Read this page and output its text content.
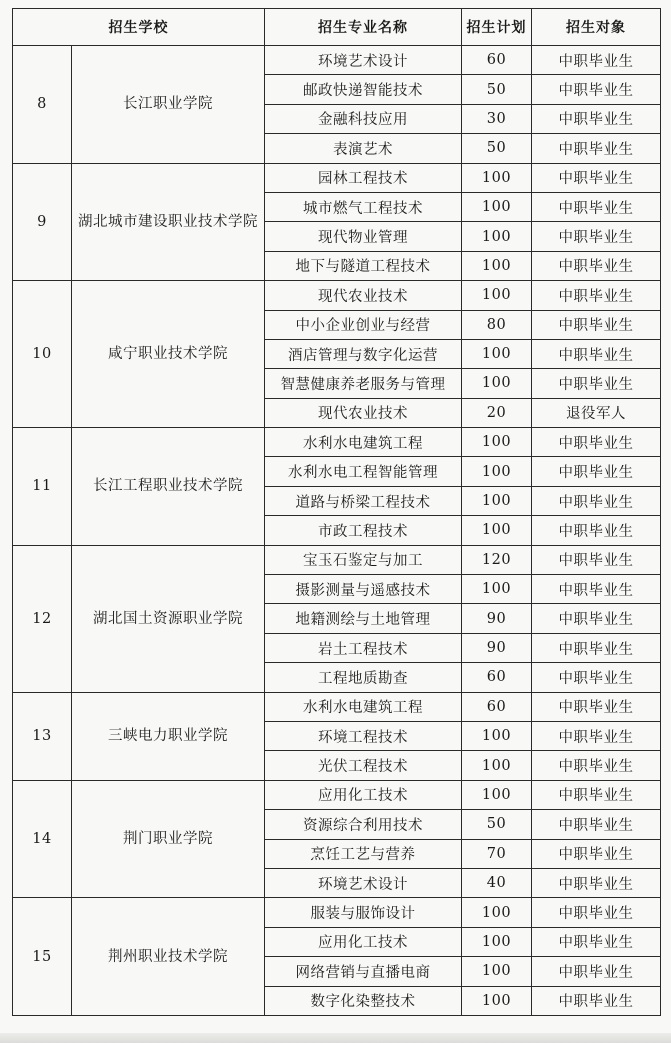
招生学校		招生专业名称	招生计划	招生对象
8	长江职业学院	环境艺术设计	60	中职毕业生
		邮政快递智能技术	50	中职毕业生
		金融科技应用	30	中职毕业生
		表演艺术	50	中职毕业生
9	湖北城市建设职业技术学院	园林工程技术	100	中职毕业生
		城市燃气工程技术	100	中职毕业生
		现代物业管理	100	中职毕业生
		地下与隧道工程技术	100	中职毕业生
10	咸宁职业技术学院	现代农业技术	100	中职毕业生
		中小企业创业与经营	80	中职毕业生
		酒店管理与数字化运营	100	中职毕业生
		智慧健康养老服务与管理	100	中职毕业生
		现代农业技术	20	退役军人
11	长江工程职业技术学院	水利水电建筑工程	100	中职毕业生
		水利水电工程智能管理	100	中职毕业生
		道路与桥梁工程技术	100	中职毕业生
		市政工程技术	100	中职毕业生
12	湖北国土资源职业学院	宝玉石鉴定与加工	120	中职毕业生
		摄影测量与遥感技术	100	中职毕业生
		地籍测绘与土地管理	90	中职毕业生
		岩土工程技术	90	中职毕业生
		工程地质勘查	60	中职毕业生
13	三峡电力职业学院	水利水电建筑工程	60	中职毕业生
		环境工程技术	100	中职毕业生
		光伏工程技术	100	中职毕业生
14	荆门职业学院	应用化工技术	100	中职毕业生
		资源综合利用技术	50	中职毕业生
		烹饪工艺与营养	70	中职毕业生
		环境艺术设计	40	中职毕业生
15	荆州职业技术学院	服装与服饰设计	100	中职毕业生
		应用化工技术	100	中职毕业生
		网络营销与直播电商	100	中职毕业生
		数字化染整技术	100	中职毕业生
